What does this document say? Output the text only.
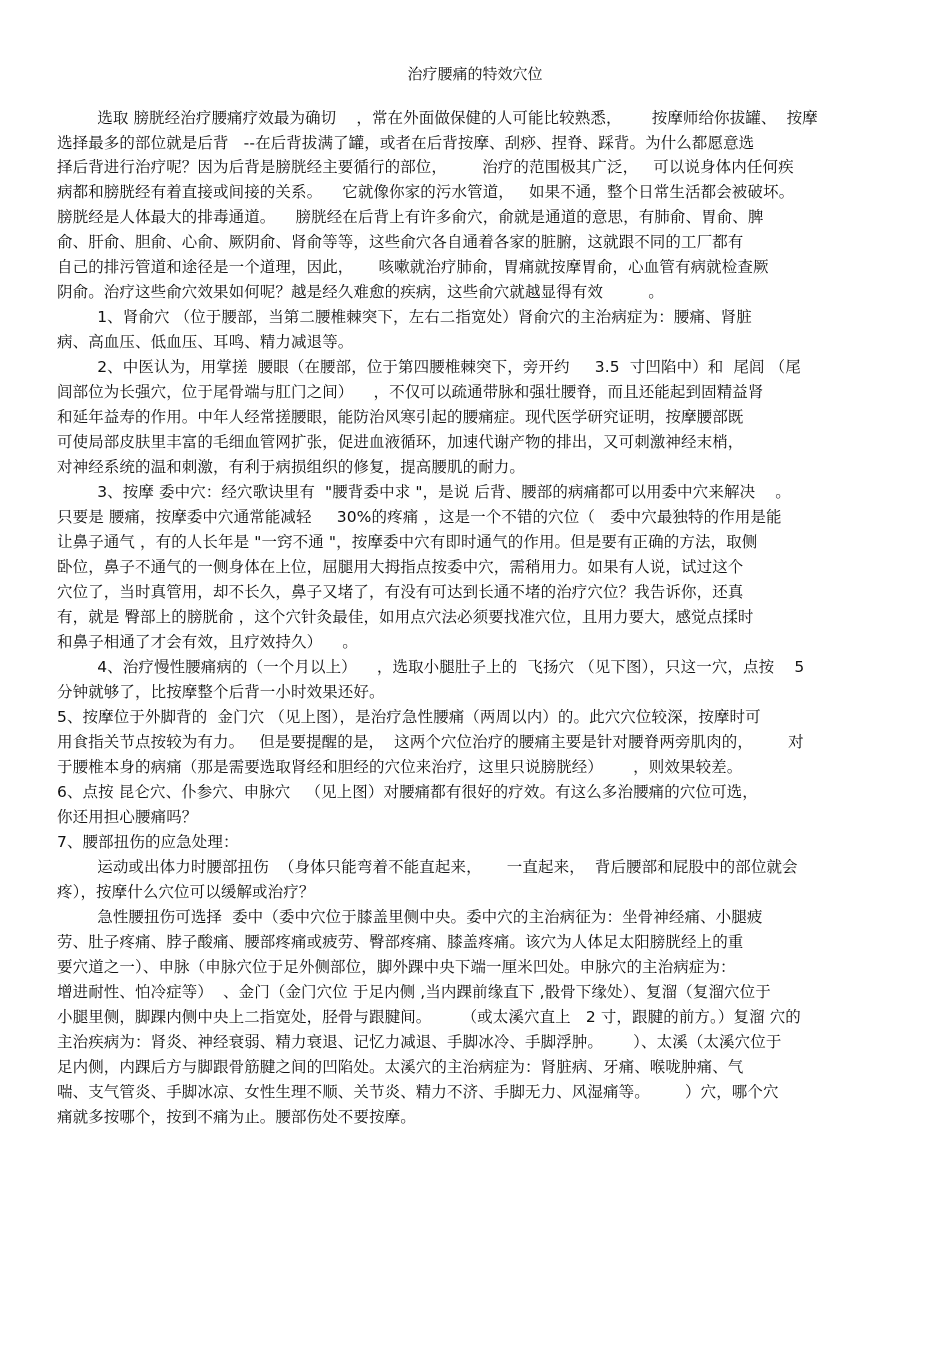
治疗腰痛的特效穴位
选取 膀胱经治疗腰痛疗效最为确切    ，常在外面做保健的人可能比较熟悉，      按摩师给你拔罐、  按摩
选择最多的部位就是后背   --在后背拔满了罐，或者在后背按摩、刮痧、捏脊、踩背。为什么都愿意选
择后背进行治疗呢？因为后背是膀胱经主要循行的部位，       治疗的范围极其广泛，   可以说身体内任何疾
病都和膀胱经有着直接或间接的关系。    它就像你家的污水管道，   如果不通，整个日常生活都会被破坏。
膀胱经是人体最大的排毒通道。    膀胱经在后背上有许多俞穴，俞就是通道的意思，有肺俞、胃俞、脾
俞、肝俞、胆俞、心俞、厥阴俞、肾俞等等，这些俞穴各自通着各家的脏腑，这就跟不同的工厂都有
自己的排污管道和途径是一个道理，因此，     咳嗽就治疗肺俞，胃痛就按摩胃俞，心血管有病就检查厥
阴俞。治疗这些俞穴效果如何呢？越是经久难愈的疾病，这些俞穴就越显得有效         。
1、肾俞穴 （位于腰部，当第二腰椎棘突下，左右二指宽处）肾俞穴的主治病症为：腰痛、肾脏
病、高血压、低血压、耳鸣、精力减退等。
2、中医认为，用掌搓  腰眼（在腰部，位于第四腰椎棘突下，旁开约     3.5  寸凹陷中）和  尾闾 （尾
闾部位为长强穴，位于尾骨端与肛门之间）    ，不仅可以疏通带脉和强壮腰脊，而且还能起到固精益肾
和延年益寿的作用。中年人经常搓腰眼，能防治风寒引起的腰痛症。现代医学研究证明，按摩腰部既
可使局部皮肤里丰富的毛细血管网扩张，促进血液循环，加速代谢产物的排出，又可刺激神经末梢，
对神经系统的温和刺激，有利于病损组织的修复，提高腰肌的耐力。
3、按摩 委中穴：经穴歌诀里有  "腰背委中求 "，是说 后背、腰部的病痛都可以用委中穴来解决    。
只要是 腰痛，按摩委中穴通常能减轻     30%的疼痛 ，这是一个不错的穴位（   委中穴最独特的作用是能
让鼻子通气 ，有的人长年是 "一窍不通 "，按摩委中穴有即时通气的作用。但是要有正确的方法，取侧
卧位，鼻子不通气的一侧身体在上位，屈腿用大拇指点按委中穴，需稍用力。如果有人说，试过这个
穴位了，当时真管用，却不长久，鼻子又堵了，有没有可达到长通不堵的治疗穴位？我告诉你，还真
有，就是 臀部上的膀胱俞 ，这个穴针灸最佳，如用点穴法必须要找准穴位，且用力要大，感觉点揉时
和鼻子相通了才会有效，且疗效持久）    。
4、治疗慢性腰痛病的（一个月以上）    ，选取小腿肚子上的  飞扬穴 （见下图），只这一穴，点按    5
分钟就够了，比按摩整个后背一小时效果还好。
5、按摩位于外脚背的  金门穴 （见上图），是治疗急性腰痛（两周以内）的。此穴穴位较深，按摩时可
用食指关节点按较为有力。   但是要提醒的是，  这两个穴位治疗的腰痛主要是针对腰脊两旁肌肉的，       对
于腰椎本身的病痛（那是需要选取肾经和胆经的穴位来治疗，这里只说膀胱经）      ，则效果较差。
6、点按 昆仑穴、仆参穴、申脉穴   （见上图）对腰痛都有很好的疗效。有这么多治腰痛的穴位可选，
你还用担心腰痛吗？
7、腰部扭伤的应急处理：
运动或出体力时腰部扭伤  （身体只能弯着不能直起来，     一直起来，  背后腰部和屁股中的部位就会
疼），按摩什么穴位可以缓解或治疗？
急性腰扭伤可选择  委中（委中穴位于膝盖里侧中央。委中穴的主治病征为：坐骨神经痛、小腿疲
劳、肚子疼痛、脖子酸痛、腰部疼痛或疲劳、臀部疼痛、膝盖疼痛。该穴为人体足太阳膀胱经上的重
要穴道之一）、申脉（申脉穴位于足外侧部位，脚外踝中央下端一厘米凹处。申脉穴的主治病症为：
增进耐性、怕冷症等）  、金门（金门穴位 于足内侧 ,当内踝前缘直下 ,骰骨下缘处）、复溜（复溜穴位于
小腿里侧，脚踝内侧中央上二指宽处，胫骨与跟腱间。      （或太溪穴直上   2 寸，跟腱的前方。）复溜 穴的
主治疾病为：肾炎、神经衰弱、精力衰退、记忆力减退、手脚冰冷、手脚浮肿。      ）、太溪（太溪穴位于
足内侧，内踝后方与脚跟骨筋腱之间的凹陷处。太溪穴的主治病症为：肾脏病、牙痛、喉咙肿痛、气
喘、支气管炎、手脚冰凉、女性生理不顺、关节炎、精力不济、手脚无力、风湿痛等。       ）穴，哪个穴
痛就多按哪个，按到不痛为止。腰部伤处不要按摩。
